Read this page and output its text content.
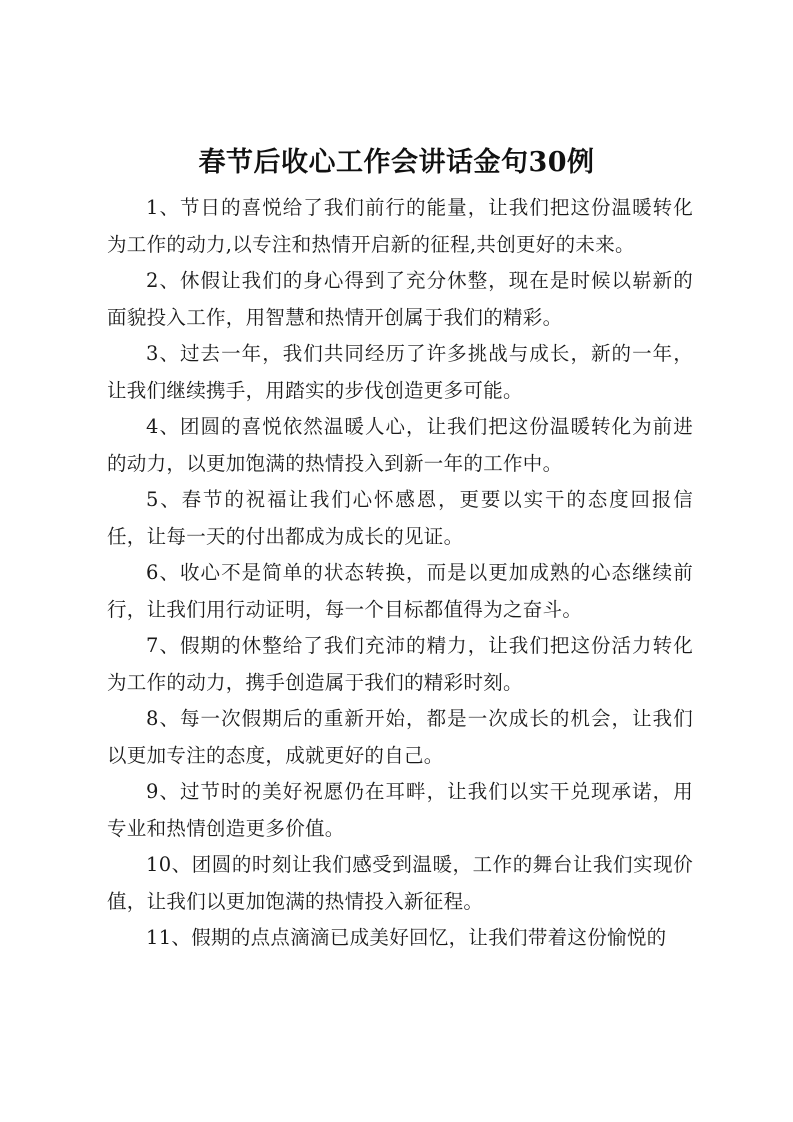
春节后收心工作会讲话金句30例

1、节日的喜悦给了我们前行的能量，让我们把这份温暖转化为工作的动力,以专注和热情开启新的征程,共创更好的未来。

2、休假让我们的身心得到了充分休整，现在是时候以崭新的面貌投入工作，用智慧和热情开创属于我们的精彩。

3、过去一年，我们共同经历了许多挑战与成长，新的一年，让我们继续携手，用踏实的步伐创造更多可能。

4、团圆的喜悦依然温暖人心，让我们把这份温暖转化为前进的动力，以更加饱满的热情投入到新一年的工作中。

5、春节的祝福让我们心怀感恩，更要以实干的态度回报信任，让每一天的付出都成为成长的见证。

6、收心不是简单的状态转换，而是以更加成熟的心态继续前行，让我们用行动证明，每一个目标都值得为之奋斗。

7、假期的休整给了我们充沛的精力，让我们把这份活力转化为工作的动力，携手创造属于我们的精彩时刻。

8、每一次假期后的重新开始，都是一次成长的机会，让我们以更加专注的态度，成就更好的自己。

9、过节时的美好祝愿仍在耳畔，让我们以实干兑现承诺，用专业和热情创造更多价值。

10、团圆的时刻让我们感受到温暖，工作的舞台让我们实现价值，让我们以更加饱满的热情投入新征程。

11、假期的点点滴滴已成美好回忆，让我们带着这份愉悦的
